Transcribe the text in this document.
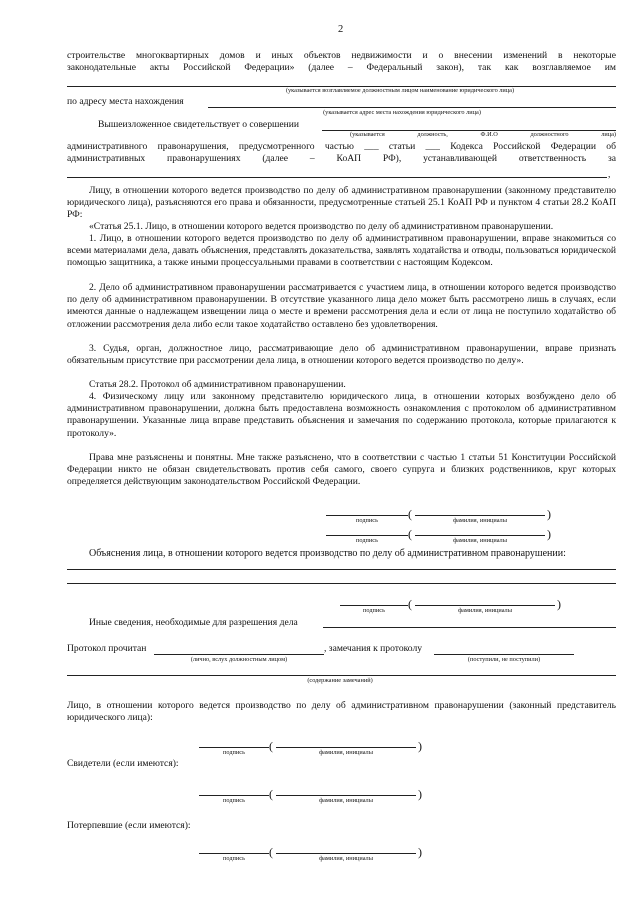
2
строительстве многоквартирных домов и иных объектов недвижимости и о внесении изменений в некоторые
законодательные акты Российской Федерации» (далее – Федеральный закон), так как возглавляемое им
(указывается возглавляемое должностным лицом наименование юридического лица)
по адресу места нахождения
(указывается адрес места нахождения юридического лица)
Вышеизложенное свидетельствует о совершении
(указывается должность, Ф.И.О должностного лица)
административного правонарушения, предусмотренного частью ___ статьи ___ Кодекса Российской Федерации об
административных правонарушениях (далее – КоАП РФ), устанавливающей ответственность за
,
Лицу, в отношении которого ведется производство по делу об административном правонарушении (законному представителю юридического лица), разъясняются его права и обязанности, предусмотренные статьей 25.1 КоАП РФ и пунктом 4 статьи 28.2 КоАП РФ:
«Статья 25.1. Лицо, в отношении которого ведется производство по делу об административном правонарушении.
1. Лицо, в отношении которого ведется производство по делу об административном правонарушении, вправе знакомиться со всеми материалами дела, давать объяснения, представлять доказательства, заявлять ходатайства и отводы, пользоваться юридической помощью защитника, а также иными процессуальными правами в соответствии с настоящим Кодексом.
2. Дело об административном правонарушении рассматривается с участием лица, в отношении которого ведется производство по делу об административном правонарушении. В отсутствие указанного лица дело может быть рассмотрено лишь в случаях, если имеются данные о надлежащем извещении лица о месте и времени рассмотрения дела и если от лица не поступило ходатайство об отложении рассмотрения дела либо если такое ходатайство оставлено без удовлетворения.
3. Судья, орган, должностное лицо, рассматривающие дело об административном правонарушении, вправе признать обязательным присутствие при рассмотрении дела лица, в отношении которого ведется производство по делу».
Статья 28.2. Протокол об административном правонарушении.
4. Физическому лицу или законному представителю юридического лица, в отношении которых возбуждено дело об административном правонарушении, должна быть предоставлена возможность ознакомления с протоколом об административном правонарушении. Указанные лица вправе представить объяснения и замечания по содержанию протокола, которые прилагаются к протоколу».
Права мне разъяснены и понятны. Мне также разъяснено, что в соответствии с частью 1 статьи 51 Конституции Российской Федерации никто не обязан свидетельствовать против себя самого, своего супруга и близких родственников, круг которых определяется действующим законодательством Российской Федерации.
(	)
подпись	фамилия, инициалы
(	)
подпись	фамилия, инициалы
Объяснения лица, в отношении которого ведется производство по делу об административном правонарушении:
(	)
подпись	фамилия, инициалы
Иные сведения, необходимые для разрешения дела
Протокол прочитан
(лично, вслух должностным лицом)
, замечания к протоколу
(поступили, не поступили)
(содержание замечаний)
Лицо, в отношении которого ведется производство по делу об административном правонарушении (законный представитель юридического лица):
(	)
подпись	фамилия, инициалы
Свидетели (если имеются):
(	)
подпись	фамилия, инициалы
Потерпевшие (если имеются):
(	)
подпись	фамилия, инициалы
